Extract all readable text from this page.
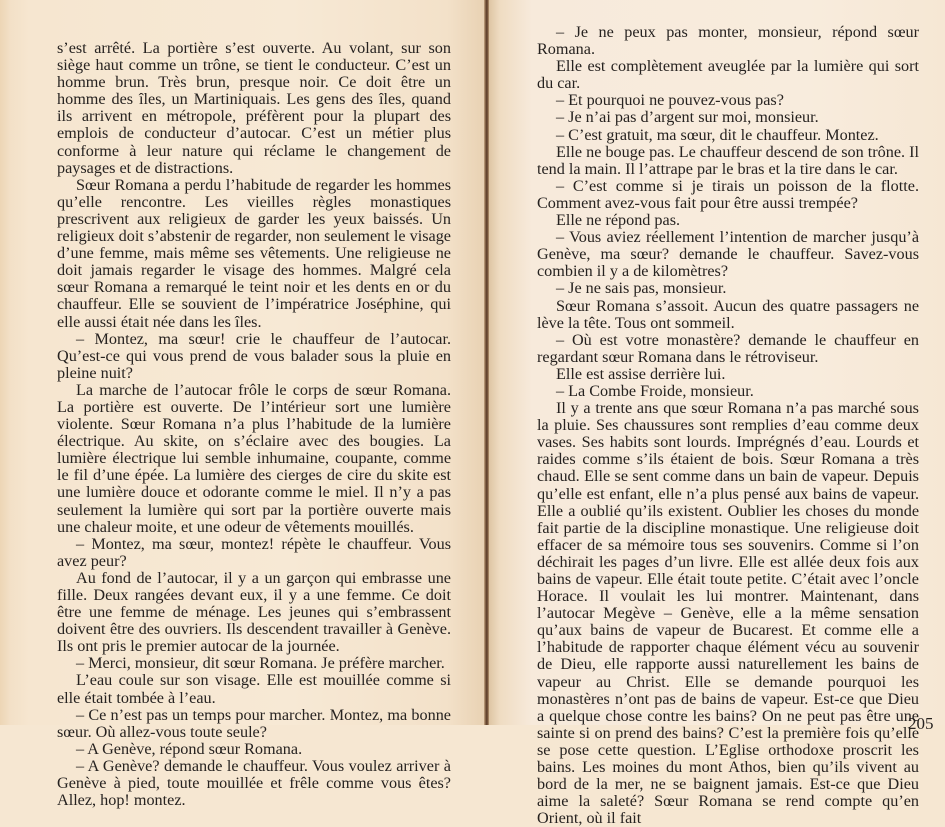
s’est arrêté. La portière s’est ouverte. Au volant, sur son siège haut comme un trône, se tient le conducteur. C’est un homme brun. Très brun, presque noir. Ce doit être un homme des îles, un Martiniquais. Les gens des îles, quand ils arrivent en métropole, préfèrent pour la plupart des emplois de conducteur d’autocar. C’est un métier plus conforme à leur nature qui réclame le changement de paysages et de distractions.

Sœur Romana a perdu l’habitude de regarder les hommes qu’elle rencontre. Les vieilles règles monastiques prescrivent aux religieux de garder les yeux baissés. Un religieux doit s’abstenir de regarder, non seulement le visage d’une femme, mais même ses vêtements. Une religieuse ne doit jamais regarder le visage des hommes. Malgré cela sœur Romana a remarqué le teint noir et les dents en or du chauffeur. Elle se souvient de l’impératrice Joséphine, qui elle aussi était née dans les îles.

– Montez, ma sœur! crie le chauffeur de l’autocar. Qu’est-ce qui vous prend de vous balader sous la pluie en pleine nuit?

La marche de l’autocar frôle le corps de sœur Romana. La portière est ouverte. De l’intérieur sort une lumière violente. Sœur Romana n’a plus l’habitude de la lumière électrique. Au skite, on s’éclaire avec des bougies. La lumière électrique lui semble inhumaine, coupante, comme le fil d’une épée. La lumière des cierges de cire du skite est une lumière douce et odorante comme le miel. Il n’y a pas seulement la lumière qui sort par la portière ouverte mais une chaleur moite, et une odeur de vêtements mouillés.

– Montez, ma sœur, montez! répète le chauffeur. Vous avez peur?

Au fond de l’autocar, il y a un garçon qui embrasse une fille. Deux rangées devant eux, il y a une femme. Ce doit être une femme de ménage. Les jeunes qui s’embrassent doivent être des ouvriers. Ils descendent travailler à Genève. Ils ont pris le premier autocar de la journée.

– Merci, monsieur, dit sœur Romana. Je préfère marcher.

L’eau coule sur son visage. Elle est mouillée comme si elle était tombée à l’eau.

– Ce n’est pas un temps pour marcher. Montez, ma bonne sœur. Où allez-vous toute seule?

– A Genève, répond sœur Romana.

– A Genève? demande le chauffeur. Vous voulez arriver à Genève à pied, toute mouillée et frêle comme vous êtes? Allez, hop! montez.

– Je ne peux pas monter, monsieur, répond sœur Romana.

Elle est complètement aveuglée par la lumière qui sort du car.

– Et pourquoi ne pouvez-vous pas?

– Je n’ai pas d’argent sur moi, monsieur.

– C’est gratuit, ma sœur, dit le chauffeur. Montez.

Elle ne bouge pas. Le chauffeur descend de son trône. Il tend la main. Il l’attrape par le bras et la tire dans le car.

– C’est comme si je tirais un poisson de la flotte. Comment avez-vous fait pour être aussi trempée?

Elle ne répond pas.

– Vous aviez réellement l’intention de marcher jusqu’à Genève, ma sœur? demande le chauffeur. Savez-vous combien il y a de kilomètres?

– Je ne sais pas, monsieur.

Sœur Romana s’assoit. Aucun des quatre passagers ne lève la tête. Tous ont sommeil.

– Où est votre monastère? demande le chauffeur en regardant sœur Romana dans le rétroviseur.

Elle est assise derrière lui.

– La Combe Froide, monsieur.

Il y a trente ans que sœur Romana n’a pas marché sous la pluie. Ses chaussures sont remplies d’eau comme deux vases. Ses habits sont lourds. Imprégnés d’eau. Lourds et raides comme s’ils étaient de bois. Sœur Romana a très chaud. Elle se sent comme dans un bain de vapeur. Depuis qu’elle est enfant, elle n’a plus pensé aux bains de vapeur. Elle a oublié qu’ils existent. Oublier les choses du monde fait partie de la discipline monastique. Une religieuse doit effacer de sa mémoire tous ses souvenirs. Comme si l’on déchirait les pages d’un livre. Elle est allée deux fois aux bains de vapeur. Elle était toute petite. C’était avec l’oncle Horace. Il voulait les lui montrer. Maintenant, dans l’autocar Megève – Genève, elle a la même sensation qu’aux bains de vapeur de Bucarest. Et comme elle a l’habitude de rapporter chaque élément vécu au souvenir de Dieu, elle rapporte aussi naturellement les bains de vapeur au Christ. Elle se demande pourquoi les monastères n’ont pas de bains de vapeur. Est-ce que Dieu a quelque chose contre les bains? On ne peut pas être une sainte si on prend des bains? C’est la première fois qu’elle se pose cette question. L’Eglise orthodoxe proscrit les bains. Les moines du mont Athos, bien qu’ils vivent au bord de la mer, ne se baignent jamais. Est-ce que Dieu aime la saleté? Sœur Romana se rend compte qu’en Orient, où il fait

205
